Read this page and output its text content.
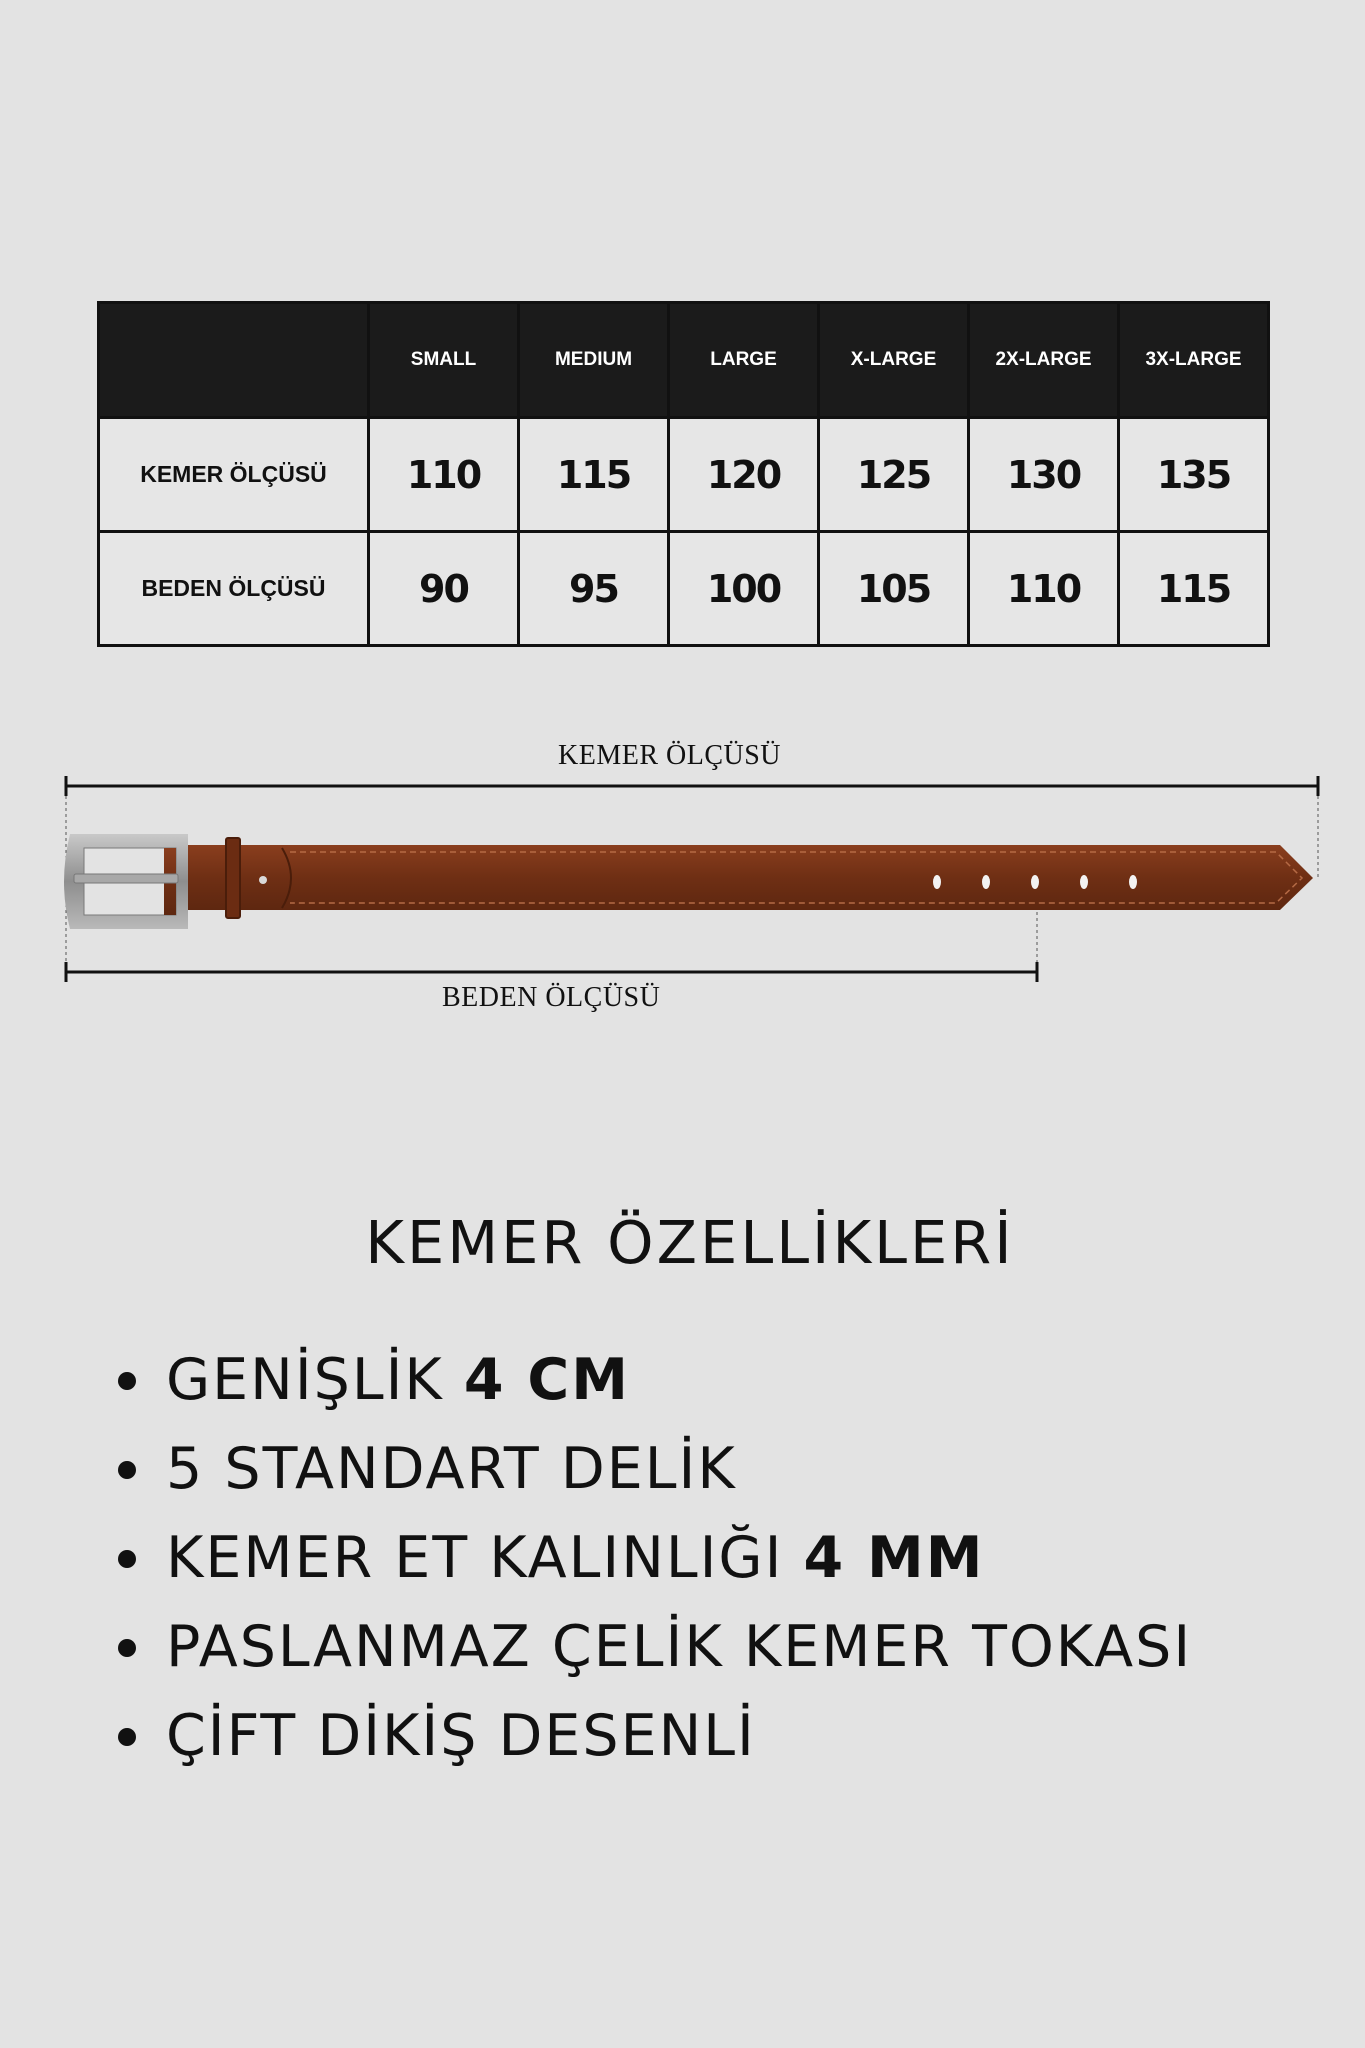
	SMALL	MEDIUM	LARGE	X-LARGE	2X-LARGE	3X-LARGE
KEMER ÖLÇÜSÜ	110	115	120	125	130	135
BEDEN ÖLÇÜSÜ	90	95	100	105	110	115
KEMER ÖLÇÜSÜ
BEDEN ÖLÇÜSÜ
KEMER ÖZELLİKLERİ
GENİŞLİK 4 CM
5 STANDART DELİK
KEMER ET KALINLIĞI 4 MM
PASLANMAZ ÇELİK KEMER TOKASI
ÇİFT DİKİŞ DESENLİ
